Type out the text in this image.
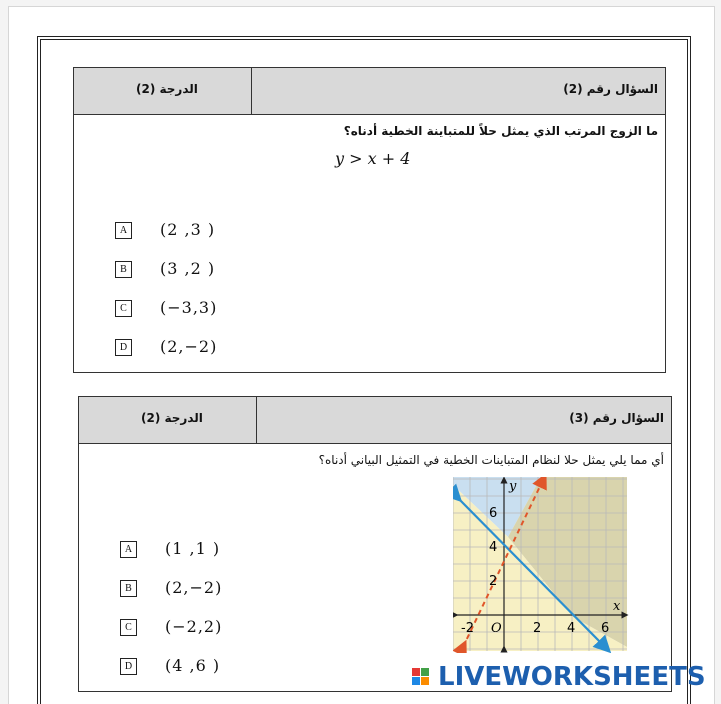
السؤال رقم (2)
الدرجة (2)
ما الزوج المرتب الذي يمثل حلاً للمتباينة الخطية أدناه؟
y > x + 4
A	(2 ,3 )
B	(3 ,2 )
C	(−3,3)
D	(2,−2)
السؤال رقم (3)
الدرجة (2)
أي مما يلي يمثل حلا لنظام المتباينات الخطية في التمثيل البياني أدناه؟
A	(1 ,1 )
B	(2,−2)
C	(−2,2)
D	(4 ,6 )
y
x
6
4
2
-2 O 2 4 6
LIVEWORKSHEETS
